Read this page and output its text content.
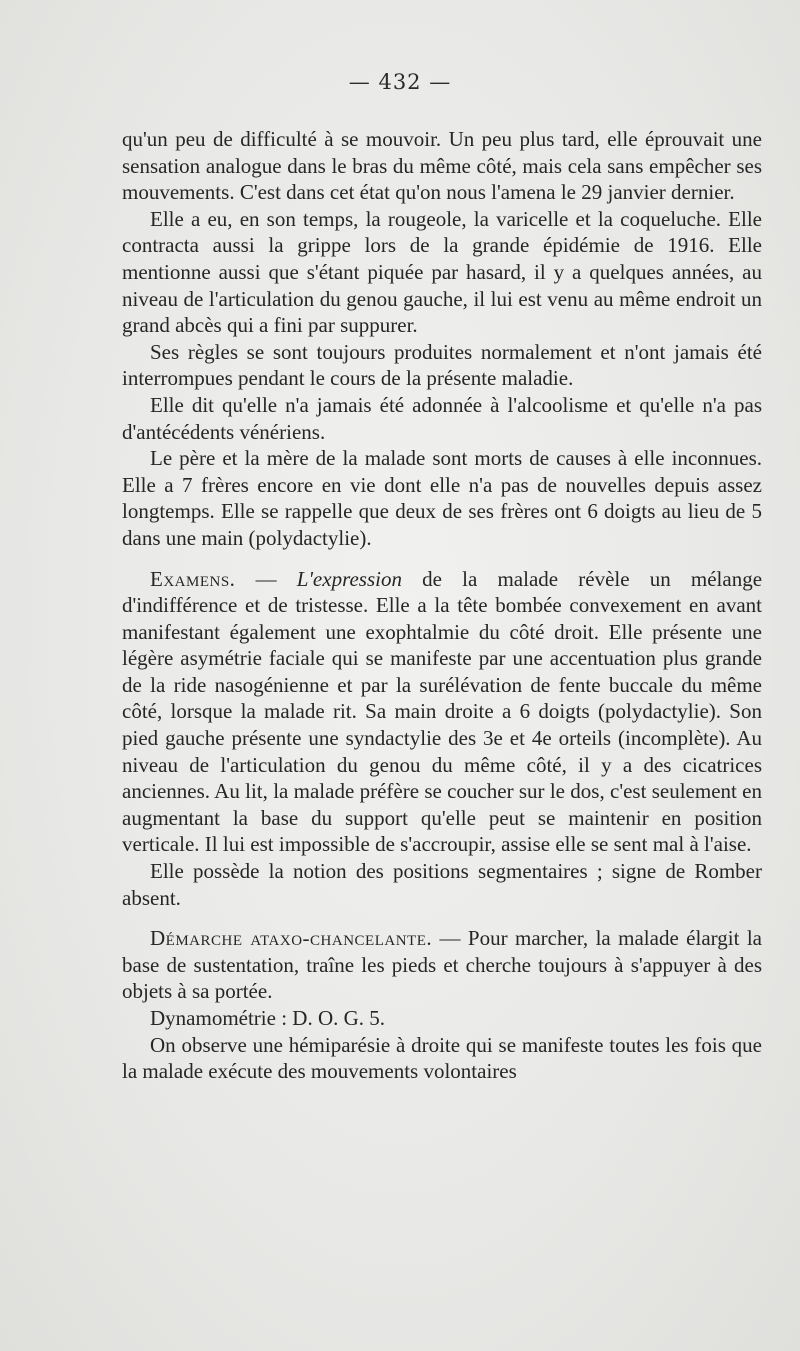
— 432 —

qu'un peu de difficulté à se mouvoir. Un peu plus tard, elle éprouvait une sensation analogue dans le bras du même côté, mais cela sans empêcher ses mouvements. C'est dans cet état qu'on nous l'amena le 29 janvier dernier.

Elle a eu, en son temps, la rougeole, la varicelle et la coqueluche. Elle contracta aussi la grippe lors de la grande épidémie de 1916. Elle mentionne aussi que s'étant piquée par hasard, il y a quelques années, au niveau de l'articulation du genou gauche, il lui est venu au même endroit un grand abcès qui a fini par suppurer.

Ses règles se sont toujours produites normalement et n'ont jamais été interrompues pendant le cours de la présente maladie.

Elle dit qu'elle n'a jamais été adonnée à l'alcoolisme et qu'elle n'a pas d'antécédents vénériens.

Le père et la mère de la malade sont morts de causes à elle inconnues. Elle a 7 frères encore en vie dont elle n'a pas de nouvelles depuis assez longtemps. Elle se rappelle que deux de ses frères ont 6 doigts au lieu de 5 dans une main (polydactylie).

Examens. — L'expression de la malade révèle un mélange d'indifférence et de tristesse. Elle a la tête bombée convexement en avant manifestant également une exophtalmie du côté droit. Elle présente une légère asymétrie faciale qui se manifeste par une accentuation plus grande de la ride nasogénienne et par la surélévation de fente buccale du même côté, lorsque la malade rit. Sa main droite a 6 doigts (polydactylie). Son pied gauche présente une syndactylie des 3e et 4e orteils (incomplète). Au niveau de l'articulation du genou du même côté, il y a des cicatrices anciennes. Au lit, la malade préfère se coucher sur le dos, c'est seulement en augmentant la base du support qu'elle peut se maintenir en position verticale. Il lui est impossible de s'accroupir, assise elle se sent mal à l'aise.

Elle possède la notion des positions segmentaires ; signe de Romber absent.

Démarche ataxo-chancelante. — Pour marcher, la malade élargit la base de sustentation, traîne les pieds et cherche toujours à s'appuyer à des objets à sa portée.

Dynamométrie : D. O. G. 5.

On observe une hémiparésie à droite qui se manifeste toutes les fois que la malade exécute des mouvements volontaires
